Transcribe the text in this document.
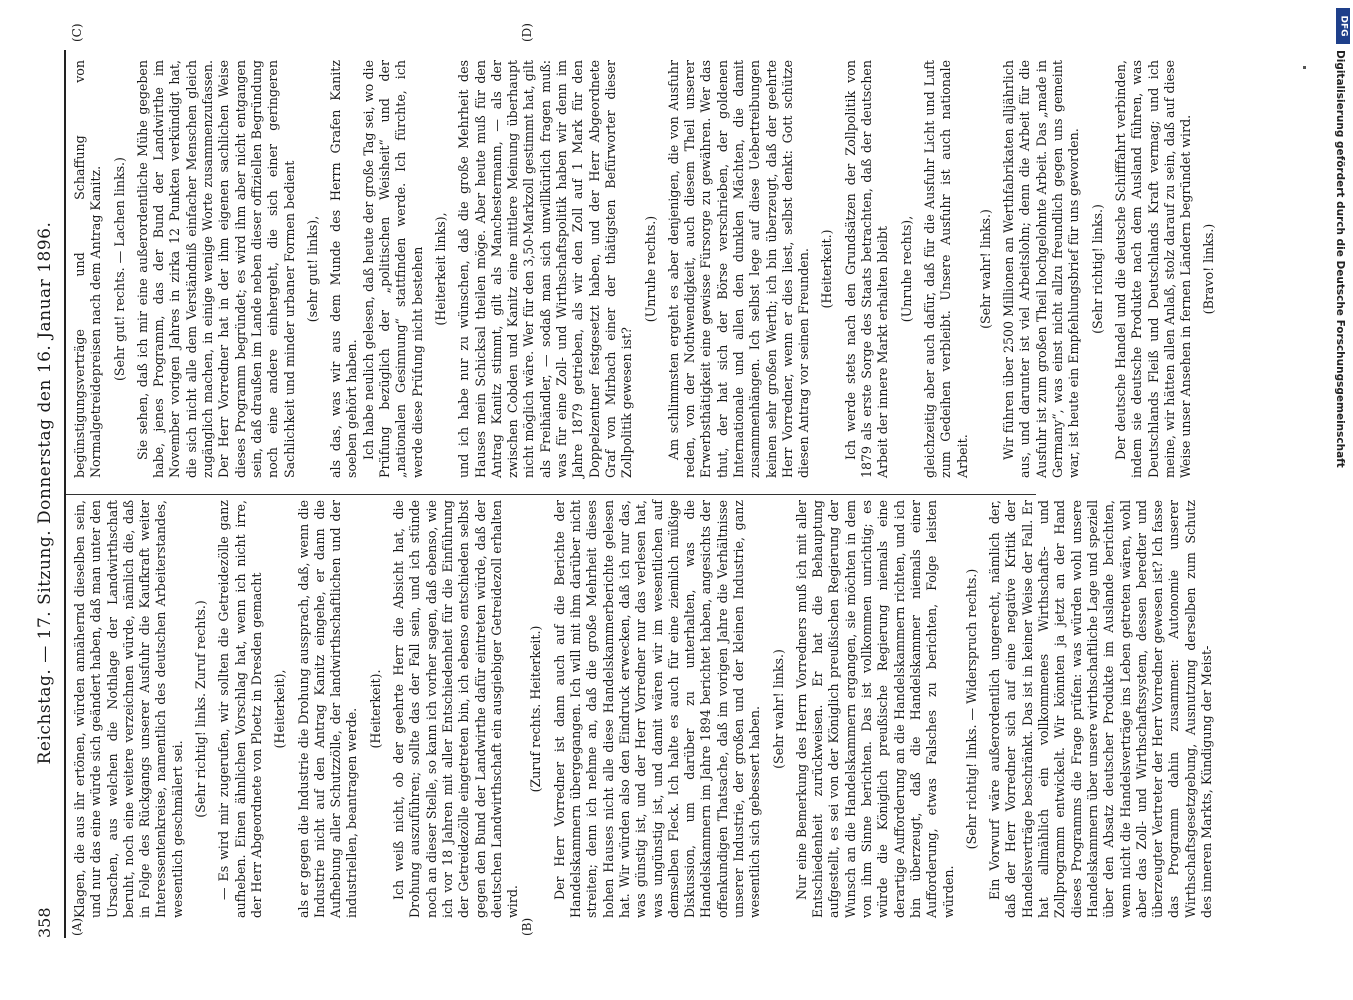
358
Reichstag. — 17. Sitzung. Donnerstag den 16. Januar 1896.
(A)	(B)
(C)	(D)

Klagen, die aus ihr ertönen, würden annähernd dieselben sein, und nur das eine würde sich geändert haben, daß man unter den Ursachen, aus welchen die Nothlage der Landwirthschaft beruht, noch eine weitere verzeichnen würde, nämlich die, daß in Folge des Rückgangs unserer Ausfuhr die Kaufkraft weiter Interessentenkreise, namentlich des deutschen Arbeiterstandes, wesentlich geschmälert sei.

(Sehr richtig! links. Zuruf rechts.) — Es wird mir zugerufen, wir sollten die Getreidezölle ganz aufheben. Einen ähnlichen Vorschlag hat, wenn ich nicht irre, der Herr Abgeordnete von Ploetz in Dresden gemacht (Heiterkeit), als er gegen die Industrie die Drohung aussprach, daß, wenn die Industrie nicht auf den Antrag Kanitz eingehe, er dann die Aufhebung aller Schutzzölle, der landwirthschaftlichen und der industriellen, beantragen werde. (Heiterkeit). Ich weiß nicht, ob der geehrte Herr die Absicht hat, die Drohung auszuführen; sollte das der Fall sein, und ich stünde noch an dieser Stelle, so kann ich vorher sagen, daß ebenso, wie ich vor 18 Jahren mit aller Entschiedenheit für die Einführung der Getreidezölle eingetreten bin, ich ebenso entschieden selbst gegen den Bund der Landwirthe dafür eintreten würde, daß der deutschen Landwirthschaft ein ausgiebiger Getreidezoll erhalten wird.

(Zuruf rechts. Heiterkeit.) Der Herr Vorredner ist dann auch auf die Berichte der Handelskammern übergegangen. Ich will mit ihm darüber nicht streiten; denn ich nehme an, daß die große Mehrheit dieses hohen Hauses nicht alle diese Handelskammerberichte gelesen hat. Wir würden also den Eindruck erwecken, daß ich nur das, was günstig ist, und der Herr Vorredner nur das verlesen hat, was ungünstig ist, und damit wären wir im wesentlichen auf demselben Fleck. Ich halte es auch für eine ziemlich müßige Diskussion, um darüber zu unterhalten, was die Handelskammern im Jahre 1894 berichtet haben, angesichts der offenkundigen Thatsache, daß im vorigen Jahre die Verhältnisse unserer Industrie, der großen und der kleinen Industrie, ganz wesentlich sich gebessert haben. (Sehr wahr! links.) Nur eine Bemerkung des Herrn Vorredners muß ich mit aller Entschiedenheit zurückweisen. Er hat die Behauptung aufgestellt, es sei von der Königlich preußischen Regierung der Wunsch an die Handelskammern ergangen, sie möchten in dem von ihm Sinne berichten. Das ist vollkommen unrichtig; es würde die Königlich preußische Regierung niemals eine derartige Aufforderung an die Handelskammern richten, und ich bin überzeugt, daß die Handelskammer niemals einer Aufforderung, etwas Falsches zu berichten, Folge leisten würden.

(Sehr richtig! links. — Widerspruch rechts.) Ein Vorwurf wäre außerordentlich ungerecht, nämlich der, daß der Herr Vorredner sich auf eine negative Kritik der Handelsverträge beschränkt. Das ist in keiner Weise der Fall. Er hat allmählich ein vollkommenes Wirthschafts- und Zollprogramm entwickelt. Wir könnten ja jetzt an der Hand dieses Programms die Frage prüfen: was würden wohl unsere Handelskammern über unsere wirthschaftliche Lage und speziell über den Absatz deutscher Produkte im Auslande berichten, wenn nicht die Handelsverträge ins Leben getreten wären, wohl aber das Zoll- und Wirthschaftssystem, dessen beredter und überzeugter Vertreter der Herr Vorredner gewesen ist? Ich fasse das Programm dahin zusammen: Autonomie unserer Wirthschaftsgesetzgebung, Ausnutzung derselben zum Schutz des inneren Markts, Kündigung der Meist-

begünstigungsverträge und Schaffung von Normalgetreidepreisen nach dem Antrag Kanitz. (Sehr gut! rechts. — Lachen links.) Sie sehen, daß ich mir eine außerordentliche Mühe gegeben habe, jenes Programm, das der Bund der Landwirthe im November vorigen Jahres in zirka 12 Punkten verkündigt hat, die sich nicht alle dem Verständniß einfacher Menschen gleich zugänglich machen, in einige wenige Worte zusammenzufassen. Der Herr Vorredner hat in der ihm eigenen sachlichen Weise dieses Programm begründet; es wird ihm aber nicht entgangen sein, daß draußen im Lande neben dieser offiziellen Begründung noch eine andere einhergeht, die sich einer geringeren Sachlichkeit und minder urbaner Formen bedient (sehr gut! links), als das, was wir aus dem Munde des Herrn Grafen Kanitz soeben gehört haben. Ich habe neulich gelesen, daß heute der große Tag sei, wo die Prüfung bezüglich der „politischen Weisheit“ und der „nationalen Gesinnung“ stattfinden werde. Ich fürchte, ich werde diese Prüfung nicht bestehen (Heiterkeit links), und ich habe nur zu wünschen, daß die große Mehrheit des Hauses mein Schicksal theilen möge. Aber heute muß für den Antrag Kanitz stimmt, gilt als Manchestermann, — als der zwischen Cobden und Kanitz eine mittlere Meinung überhaupt nicht möglich wäre. Wer für den 3,50-Markzoll gestimmt hat, gilt als Freihändler, — sodaß man sich unwillkürlich fragen muß: was für eine Zoll- und Wirthschaftspolitik haben wir denn im Jahre 1879 getrieben, als wir den Zoll auf 1 Mark für den Doppelzentner festgesetzt haben, und der Herr Abgeordnete Graf von Mirbach einer der thätigsten Befürworter dieser Zollpolitik gewesen ist?

(Unruhe rechts.) Am schlimmsten ergeht es aber denjenigen, die von Ausfuhr reden, von der Nothwendigkeit, auch diesem Theil unserer Erwerbsthätigkeit eine gewisse Fürsorge zu gewähren. Wer das thut, der hat sich der Börse verschrieben, der goldenen Internationale und allen den dunklen Mächten, die damit zusammenhängen. Ich selbst lege auf diese Uebertreibungen keinen sehr großen Werth; ich bin überzeugt, daß der geehrte Herr Vorredner, wenn er dies liest, selbst denkt: Gott schütze diesen Antrag vor seinen Freunden. (Heiterkeit.) Ich werde stets nach den Grundsätzen der Zollpolitik von 1879 als erste Sorge des Staats betrachten, daß der deutschen Arbeit der innere Markt erhalten bleibt (Unruhe rechts), gleichzeitig aber auch dafür, daß für die Ausfuhr Licht und Luft zum Gedeihen verbleibt. Unsere Ausfuhr ist auch nationale Arbeit.

(Sehr wahr! links.) Wir führen über 2500 Millionen an Werthfabrikaten alljährlich aus, und darunter ist viel Arbeitslohn; denn die Arbeit für die Ausfuhr ist zum großen Theil hochgelohnte Arbeit. Das „made in Germany“, was einst nicht allzu freundlich gegen uns gemeint war, ist heute ein Empfehlungsbrief für uns geworden. (Sehr richtig! links.) Der deutsche Handel und die deutsche Schifffahrt verbinden, indem sie deutsche Produkte nach dem Ausland führen, was Deutschlands Fleiß und Deutschlands Kraft vermag; und ich meine, wir hätten allen Anlaß, stolz darauf zu sein, daß auf diese Weise unser Ansehen in fernen Ländern begründet wird. (Bravo! links.)

DFG
Digitalisierung gefördert durch die Deutsche Forschungsgemeinschaft
